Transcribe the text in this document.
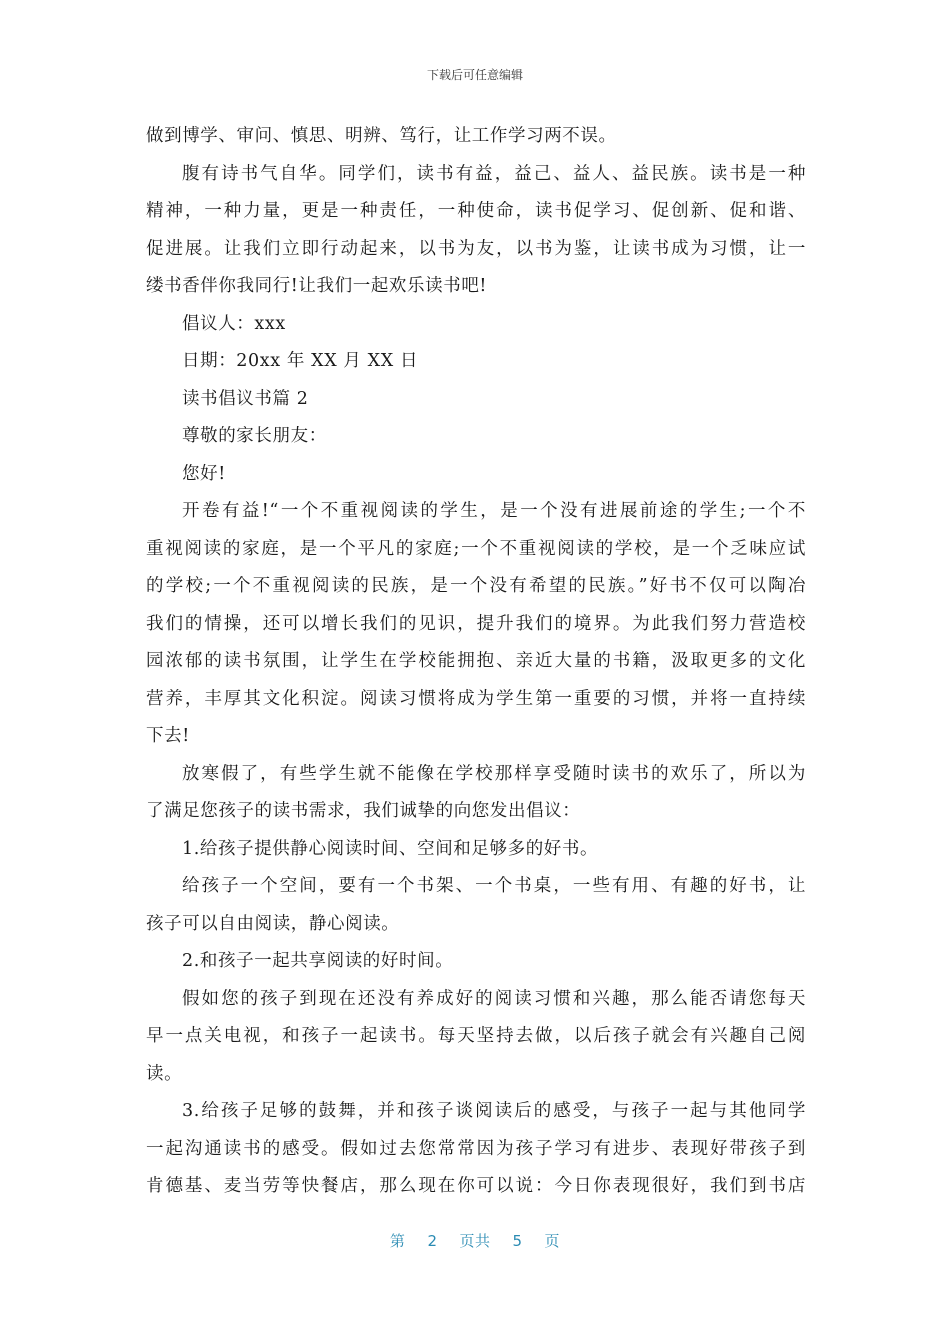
下载后可任意编辑
做到博学、审问、慎思、明辨、笃行，让工作学习两不误。
腹有诗书气自华。同学们，读书有益，益己、益人、益民族。读书是一种
精神，一种力量，更是一种责任，一种使命，读书促学习、促创新、促和谐、
促进展。让我们立即行动起来，以书为友，以书为鉴，让读书成为习惯，让一
缕书香伴你我同行!让我们一起欢乐读书吧!
倡议人：xxx
日期：20xx 年 XX 月 XX 日
读书倡议书篇 2
尊敬的家长朋友：
您好!
开卷有益!“一个不重视阅读的学生，是一个没有进展前途的学生;一个不
重视阅读的家庭，是一个平凡的家庭;一个不重视阅读的学校，是一个乏味应试
的学校;一个不重视阅读的民族，是一个没有希望的民族。”好书不仅可以陶冶
我们的情操，还可以增长我们的见识，提升我们的境界。为此我们努力营造校
园浓郁的读书氛围，让学生在学校能拥抱、亲近大量的书籍，汲取更多的文化
营养，丰厚其文化积淀。阅读习惯将成为学生第一重要的习惯，并将一直持续
下去!
放寒假了，有些学生就不能像在学校那样享受随时读书的欢乐了，所以为
了满足您孩子的读书需求，我们诚挚的向您发出倡议：
1.给孩子提供静心阅读时间、空间和足够多的好书。
给孩子一个空间，要有一个书架、一个书桌，一些有用、有趣的好书，让
孩子可以自由阅读，静心阅读。
2.和孩子一起共享阅读的好时间。
假如您的孩子到现在还没有养成好的阅读习惯和兴趣，那么能否请您每天
早一点关电视，和孩子一起读书。每天坚持去做，以后孩子就会有兴趣自己阅
读。
3.给孩子足够的鼓舞，并和孩子谈阅读后的感受，与孩子一起与其他同学
一起沟通读书的感受。假如过去您常常因为孩子学习有进步、表现好带孩子到
肯德基、麦当劳等快餐店，那么现在你可以说：今日你表现很好，我们到书店
第 2 页共 5 页
